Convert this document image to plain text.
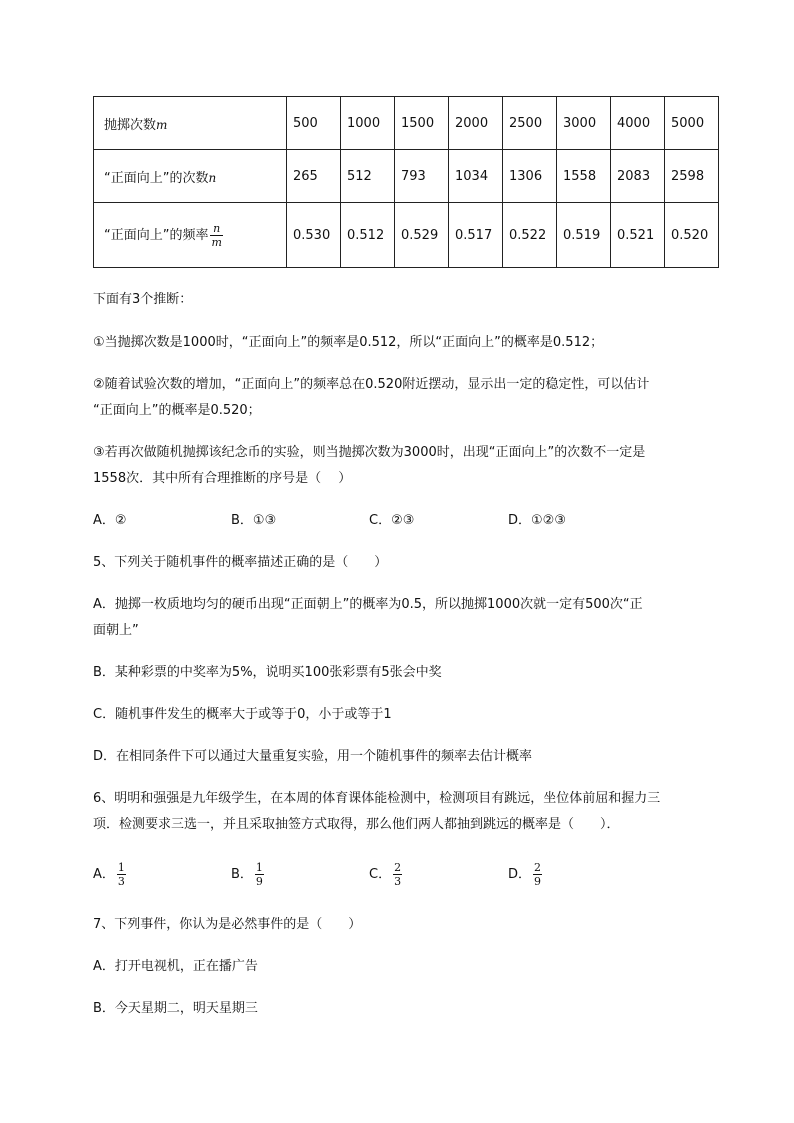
抛掷次数m	500	1000	1500	2000	2500	3000	4000	5000
“正面向上”的次数n	265	512	793	1034	1306	1558	2083	2598
“正面向上”的频率 $\frac{n}{m}$	0.530	0.512	0.529	0.517	0.522	0.519	0.521	0.520
下面有3个推断：
①当抛掷次数是1000时，“正面向上”的频率是0.512，所以“正面向上”的概率是0.512；
②随着试验次数的增加，“正面向上”的频率总在0.520附近摆动，显示出一定的稳定性，可以估计
“正面向上”的概率是0.520；
③若再次做随机抛掷该纪念币的实验，则当抛掷次数为3000时，出现“正面向上”的次数不一定是
1558次．其中所有合理推断的序号是（　 ）
A．②	B．①③	C．②③	D．①②③
5、下列关于随机事件的概率描述正确的是（　　）
A．抛掷一枚质地均匀的硬币出现“正面朝上”的概率为0.5，所以抛掷1000次就一定有500次“正
面朝上”
B．某种彩票的中奖率为5%，说明买100张彩票有5张会中奖
C．随机事件发生的概率大于或等于0，小于或等于1
D．在相同条件下可以通过大量重复实验，用一个随机事件的频率去估计概率
6、明明和强强是九年级学生，在本周的体育课体能检测中，检测项目有跳远，坐位体前屈和握力三
项．检测要求三选一，并且采取抽签方式取得，那么他们两人都抽到跳远的概率是（　　）．
A． $\frac{1}{3}$	B． $\frac{1}{9}$	C． $\frac{2}{3}$	D． $\frac{2}{9}$
7、下列事件，你认为是必然事件的是（　　）
A．打开电视机，正在播广告
B．今天星期二，明天星期三
